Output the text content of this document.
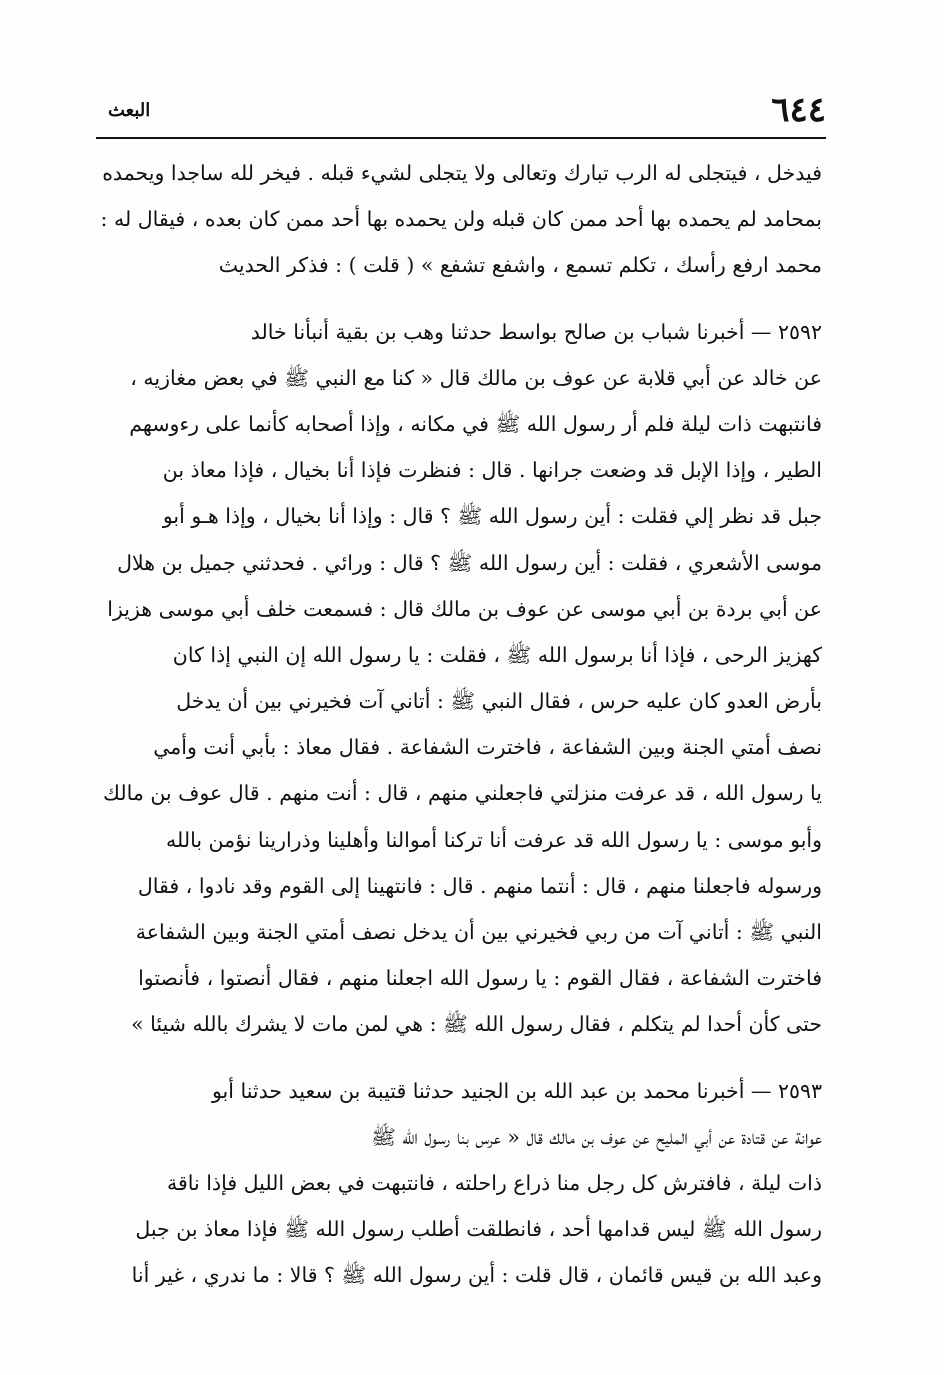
٦٤٤
البعث
فيدخل ، فيتجلى له الرب تبارك وتعالى ولا يتجلى لشيء قبله . فيخر لله ساجدا ويحمده
بمحامد لم يحمده بها أحد ممن كان قبله ولن يحمده بها أحد ممن كان بعده ، فيقال له :
محمد ارفع رأسك ، تكلم تسمع ، واشفع تشفع » ( قلت ) : فذكر الحديث
٢٥٩٢ — أخبرنا شباب بن صالح بواسط حدثنا وهب بن بقية أنبأنا خالد
عن خالد عن أبي قلابة عن عوف بن مالك قال « كنا مع النبي ﷺ في بعض مغازيه ،
فانتبهت ذات ليلة فلم أر رسول الله ﷺ في مكانه ، وإذا أصحابه كأنما على رءوسهم
الطير ، وإذا الإبل قد وضعت جرانها . قال : فنظرت فإذا أنا بخيال ، فإذا معاذ بن
جبل قد نظر إلي فقلت : أين رسول الله ﷺ ؟ قال : وإذا أنا بخيال ، وإذا هـو أبو
موسى الأشعري ، فقلت : أين رسول الله ﷺ ؟ قال : ورائي . فحدثني جميل بن هلال
عن أبي بردة بن أبي موسى عن عوف بن مالك قال : فسمعت خلف أبي موسى هزيزا
كهزيز الرحى ، فإذا أنا برسول الله ﷺ ، فقلت : يا رسول الله إن النبي إذا كان
بأرض العدو كان عليه حرس ، فقال النبي ﷺ : أتاني آت فخيرني بين أن يدخل
نصف أمتي الجنة وبين الشفاعة ، فاخترت الشفاعة . فقال معاذ : بأبي أنت وأمي
يا رسول الله ، قد عرفت منزلتي فاجعلني منهم ، قال : أنت منهم . قال عوف بن مالك
وأبو موسى : يا رسول الله قد عرفت أنا تركنا أموالنا وأهلينا وذرارينا نؤمن بالله
ورسوله فاجعلنا منهم ، قال : أنتما منهم . قال : فانتهينا إلى القوم وقد نادوا ، فقال
النبي ﷺ : أتاني آت من ربي فخيرني بين أن يدخل نصف أمتي الجنة وبين الشفاعة
فاخترت الشفاعة ، فقال القوم : يا رسول الله اجعلنا منهم ، فقال أنصتوا ، فأنصتوا
حتى كأن أحدا لم يتكلم ، فقال رسول الله ﷺ : هي لمن مات لا يشرك بالله شيئا »
٢٥٩٣ — أخبرنا محمد بن عبد الله بن الجنيد حدثنا قتيبة بن سعيد حدثنا أبو
عوانة عن قتادة عن أبي المليح عن عوف بن مالك قال « عرس بنا رسول الله ﷺ
ذات ليلة ، فافترش كل رجل منا ذراع راحلته ، فانتبهت في بعض الليل فإذا ناقة
رسول الله ﷺ ليس قدامها أحد ، فانطلقت أطلب رسول الله ﷺ فإذا معاذ بن جبل
وعبد الله بن قيس قائمان ، قال قلت : أين رسول الله ﷺ ؟ قالا : ما ندري ، غير أنا
